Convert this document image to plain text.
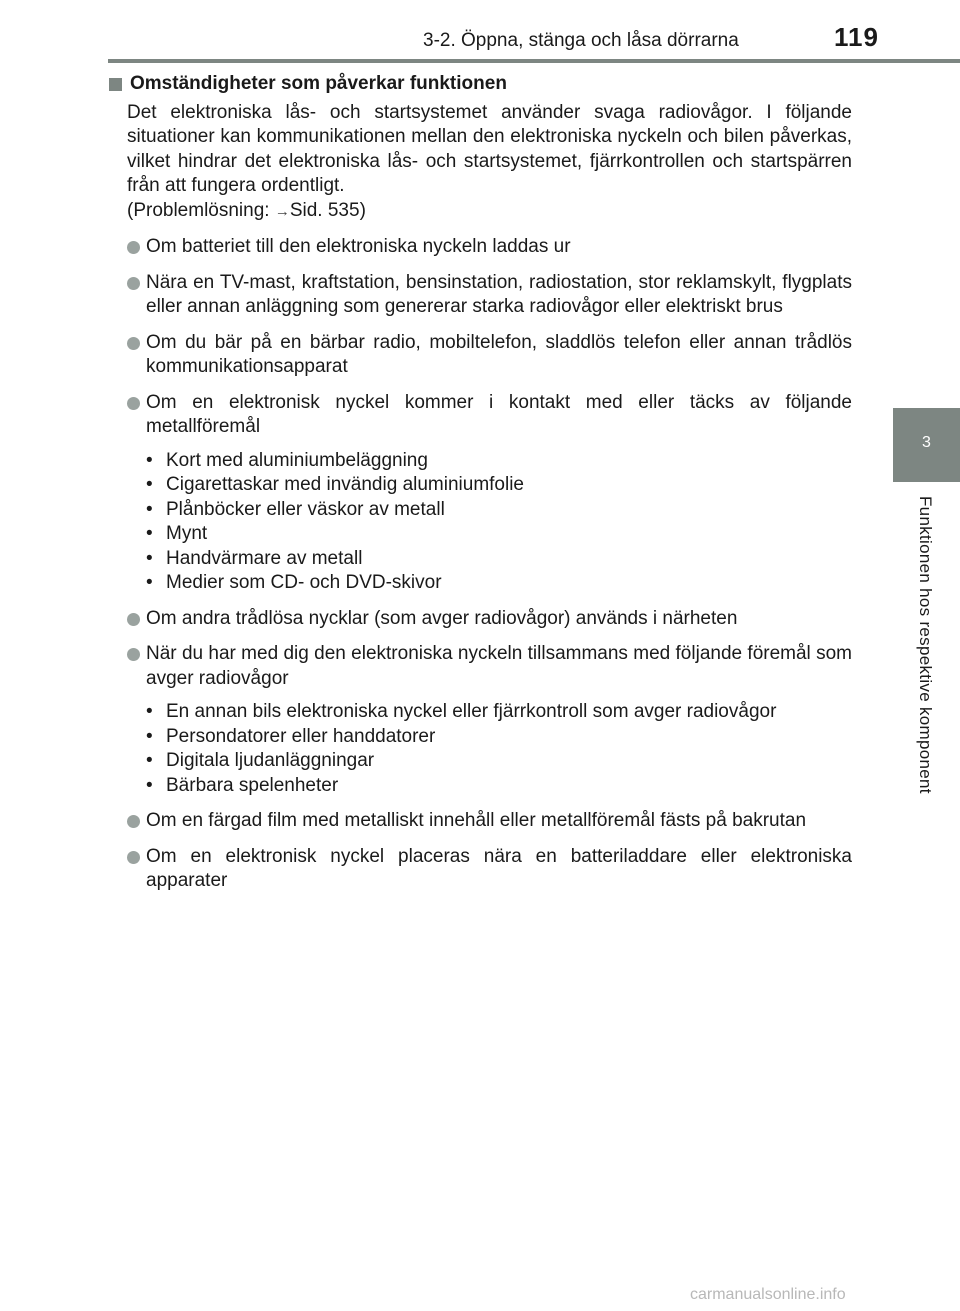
3-2. Öppna, stänga och låsa dörrarna	119
3
Funktionen hos respektive komponent
Omständigheter som påverkar funktionen
Det elektroniska lås- och startsystemet använder svaga radiovågor. I följande situationer kan kommunikationen mellan den elektroniska nyckeln och bilen påverkas, vilket hindrar det elektroniska lås- och startsystemet, fjärrkontrollen och startspärren från att fungera ordentligt.
(Problemlösning: →Sid. 535)
Om batteriet till den elektroniska nyckeln laddas ur
Nära en TV-mast, kraftstation, bensinstation, radiostation, stor reklamskylt, flygplats eller annan anläggning som genererar starka radiovågor eller elektriskt brus
Om du bär på en bärbar radio, mobiltelefon, sladdlös telefon eller annan trådlös kommunikationsapparat
Om en elektronisk nyckel kommer i kontakt med eller täcks av följande metallföremål
• Kort med aluminiumbeläggning
• Cigarettaskar med invändig aluminiumfolie
• Plånböcker eller väskor av metall
• Mynt
• Handvärmare av metall
• Medier som CD- och DVD-skivor
Om andra trådlösa nycklar (som avger radiovågor) används i närheten
När du har med dig den elektroniska nyckeln tillsammans med följande föremål som avger radiovågor
• En annan bils elektroniska nyckel eller fjärrkontroll som avger radiovågor
• Persondatorer eller handdatorer
• Digitala ljudanläggningar
• Bärbara spelenheter
Om en färgad film med metalliskt innehåll eller metallföremål fästs på bakrutan
Om en elektronisk nyckel placeras nära en batteriladdare eller elektroniska apparater
carmanualsonline.info
